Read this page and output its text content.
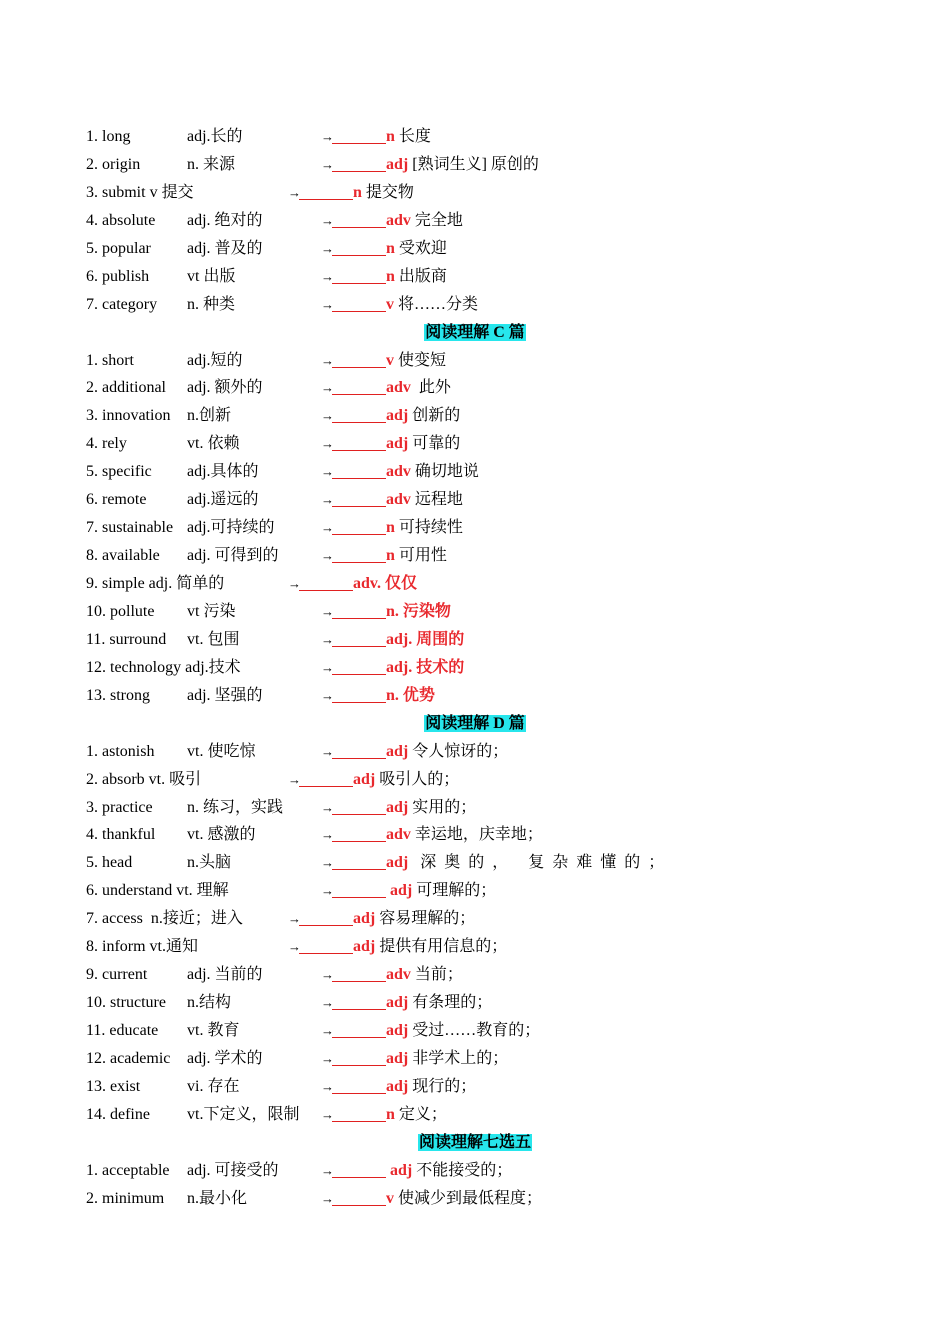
1. long	adj.长的	→	n 长度
2. origin	n. 来源	→	adj [熟词生义] 原创的
3. submit v 提交	→	n 提交物
4. absolute adj. 绝对的	→	adv 完全地
5. popular adj. 普及的	→	n 受欢迎
6. publish vt 出版	→	n 出版商
7. category n. 种类	→	v 将……分类
阅读理解 C 篇
1. short	adj.短的	→	v 使变短
2. additional adj. 额外的	→	adv  此外
3. innovation n.创新	→	adj 创新的
4. rely	vt. 依赖	→	adj 可靠的
5. specific adj.具体的	→	adv 确切地说
6. remote	adj.遥远的	→	adv 远程地
7. sustainable adj.可持续的	→	n 可持续性
8. available adj. 可得到的	→	n 可用性
9. simple adj. 简单的	→	adv. 仅仅
10. pollute vt 污染	→	n. 污染物
11. surround vt. 包围	→	adj. 周围的
12. technology adj.技术	→	adj. 技术的
13. strong adj. 坚强的	→	n. 优势
阅读理解 D 篇
1. astonish vt. 使吃惊	→	adj 令人惊讶的；
2. absorb vt. 吸引	→	adj 吸引人的；
3. practice n. 练习，实践	→	adj 实用的；
4. thankful vt. 感激的	→	adv 幸运地，庆幸地；
5. head	n.头脑	→	adj 深奥的， 复杂难懂的；
6. understand vt. 理解	→	adj 可理解的；
7. access  n.接近；进入	→	adj 容易理解的；
8. inform vt.通知	→	adj 提供有用信息的；
9. current adj. 当前的	→	adv 当前；
10. structure n.结构	→	adj 有条理的；
11. educate vt. 教育	→	adj 受过……教育的；
12. academic adj. 学术的	→	adj 非学术上的；
13. exist	vi. 存在	→	adj 现行的；
14. define vt.下定义，限制 →	n 定义；
阅读理解七选五
1. acceptable adj. 可接受的	→	adj 不能接受的；
2. minimum n.最小化	→	v 使减少到最低程度；
